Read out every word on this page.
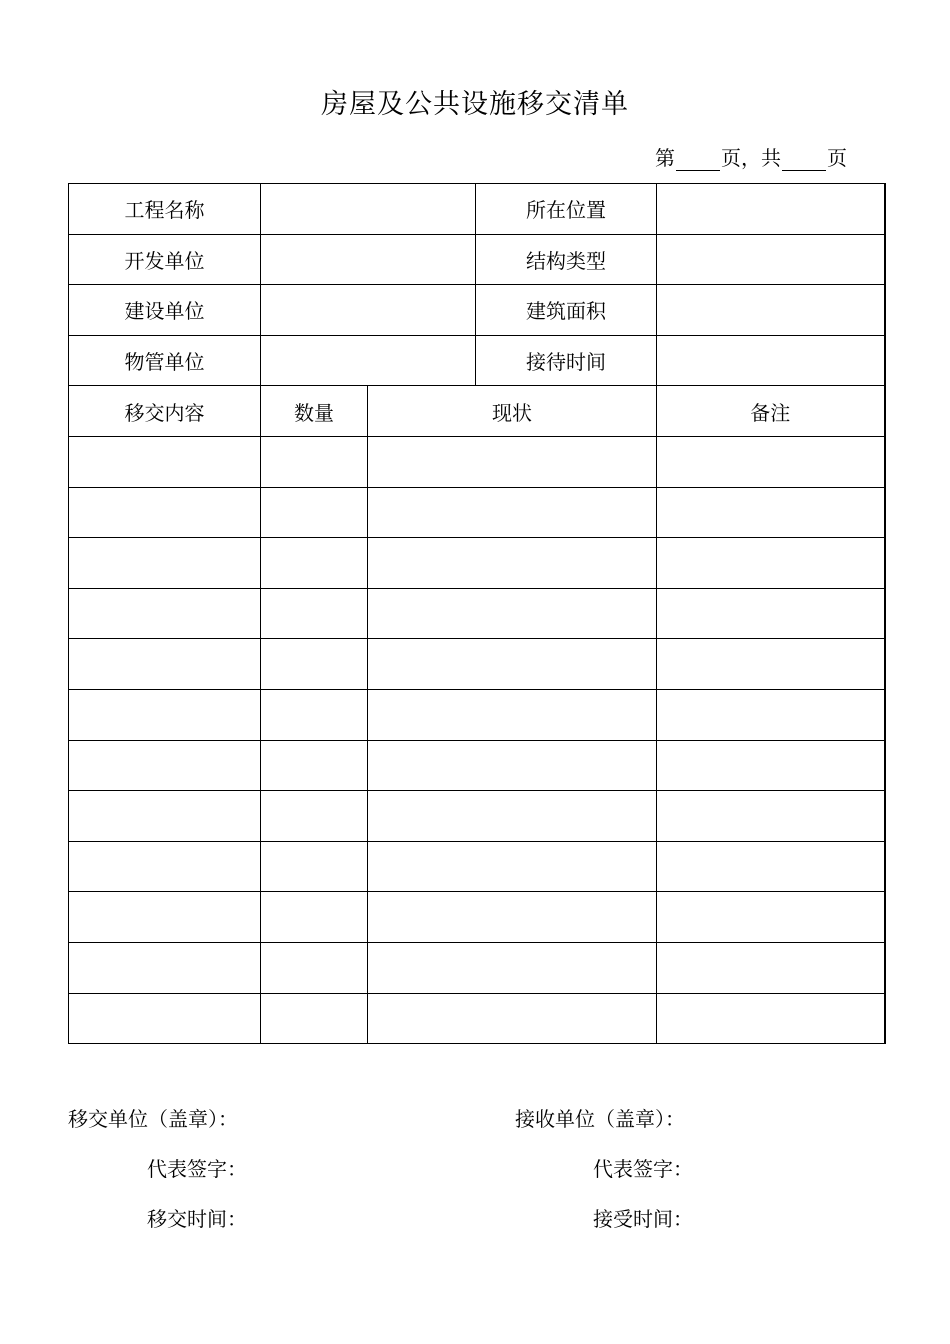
房屋及公共设施移交清单
第 页，共 页
工程名称			所在位置	
开发单位			结构类型	
建设单位			建筑面积	
物管单位			接待时间	
移交内容	数量	现状		备注

移交单位（盖章）：
代表签字：
移交时间：
接收单位（盖章）：
代表签字：
接受时间：
